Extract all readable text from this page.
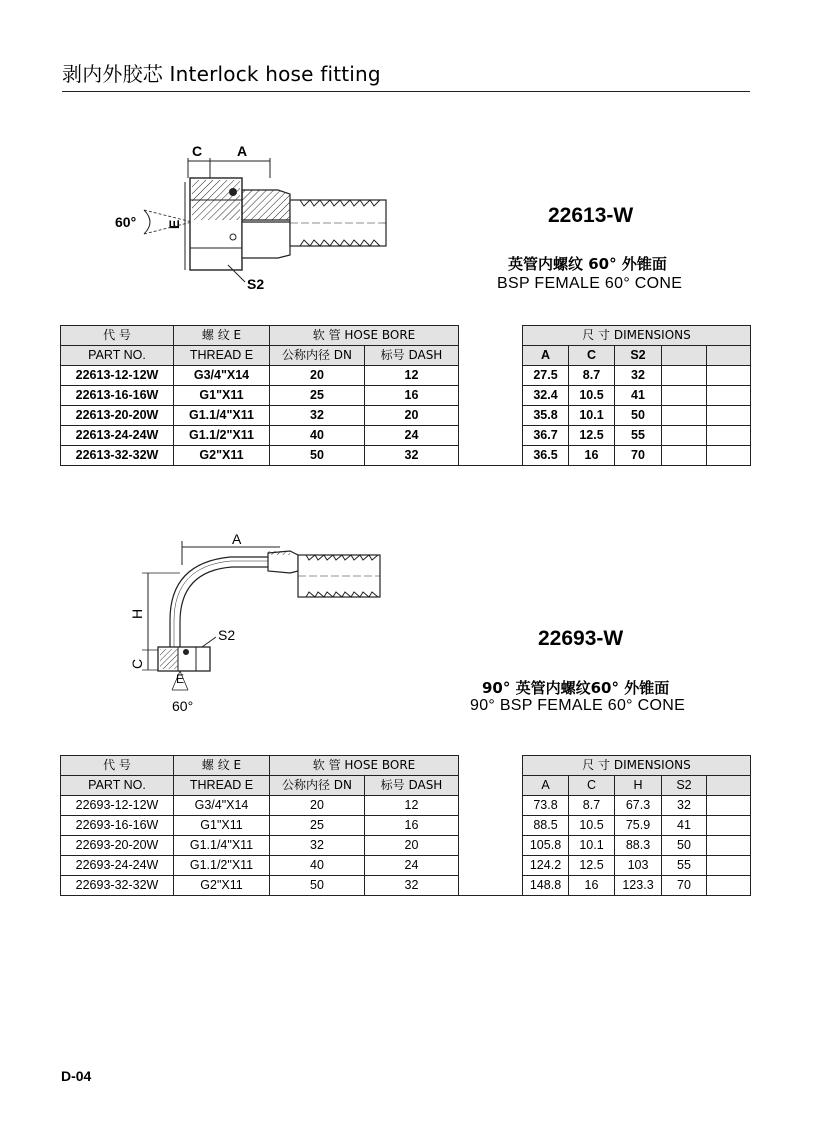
剥内外胶芯 Interlock hose fitting
C A
E
60°
S2
22613-W
英管内螺纹 60° 外锥面
BSP FEMALE 60° CONE
代 号	螺 纹 E	软 管 HOSE BORE			尺 寸 DIMENSIONS				
PART NO.	THREAD E	公称内径 DN	标号 DASH		A	C	S2		
22613-12-12W	G3/4"X14	20	12		27.5	8.7	32		
22613-16-16W	G1"X11	25	16		32.4	10.5	41		
22613-20-20W	G1.1/4"X11	32	20		35.8	10.1	50		
22613-24-24W	G1.1/2"X11	40	24		36.7	12.5	55		
22613-32-32W	G2"X11	50	32		36.5	16	70		
A
H
C
S2
E
60°
22693-W
90° 英管内螺纹60° 外锥面
90° BSP FEMALE 60° CONE
代 号	螺 纹 E	软 管 HOSE BORE			尺 寸 DIMENSIONS				
PART NO.	THREAD E	公称内径 DN	标号 DASH		A	C	H	S2	
22693-12-12W	G3/4"X14	20	12		73.8	8.7	67.3	32	
22693-16-16W	G1"X11	25	16		88.5	10.5	75.9	41	
22693-20-20W	G1.1/4"X11	32	20		105.8	10.1	88.3	50	
22693-24-24W	G1.1/2"X11	40	24		124.2	12.5	103	55	
22693-32-32W	G2"X11	50	32		148.8	16	123.3	70	
D-04
